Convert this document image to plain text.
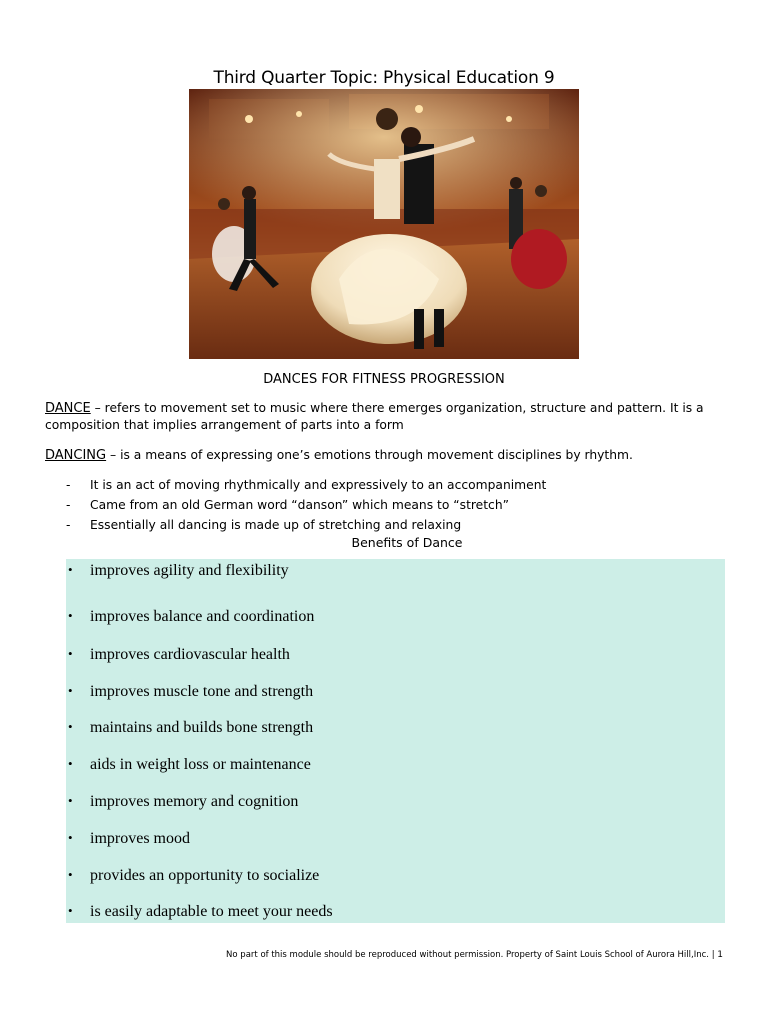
Third Quarter Topic: Physical Education 9
DANCES FOR FITNESS PROGRESSION
DANCE – refers to movement set to music where there emerges organization, structure and pattern. It is a composition that implies arrangement of parts into a form
DANCING – is a means of expressing one’s emotions through movement disciplines by rhythm.
- It is an act of moving rhythmically and expressively to an accompaniment
- Came from an old German word “danson” which means to “stretch”
- Essentially all dancing is made up of stretching and relaxing
Benefits of Dance
• improves agility and flexibility
• improves balance and coordination
• improves cardiovascular health
• improves muscle tone and strength
• maintains and builds bone strength
• aids in weight loss or maintenance
• improves memory and cognition
• improves mood
• provides an opportunity to socialize
• is easily adaptable to meet your needs
No part of this module should be reproduced without permission. Property of Saint Louis School of Aurora Hill,Inc. | 1
